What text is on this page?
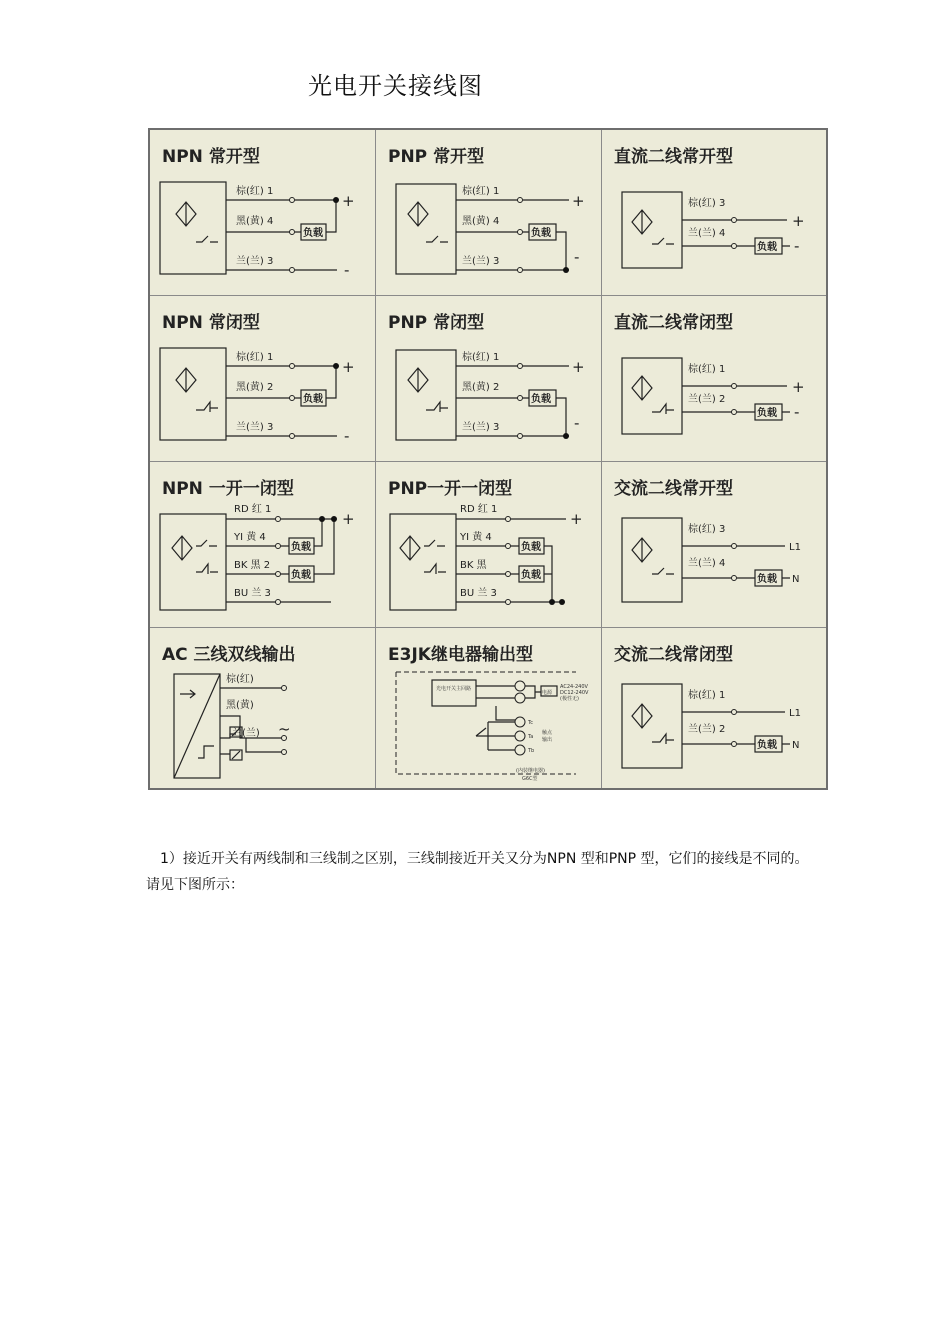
光电开关接线图
NPN 常开型
棕(红) 1
黑(黄) 4
兰(兰) 3
负载
+
-
PNP 常开型
棕(红) 1
黑(黄) 4
兰(兰) 3
负载
+
-
直流二线常开型
棕(红) 3
兰(兰) 4
负载
+
-
NPN 常闭型
棕(红) 1
黑(黄) 2
兰(兰) 3
负载
+
-
PNP 常闭型
棕(红) 1
黑(黄) 2
兰(兰) 3
负载
+
-
直流二线常闭型
棕(红) 1
兰(兰) 2
负载
+
-
NPN 一开一闭型
RD 红 1
YI 黄 4
BK 黑 2
BU 兰 3
负载
负载
+
PNP一开一闭型
RD 红 1
YI 黄 4
BK 黑
BU 兰 3
负载
负载
+
交流二线常开型
棕(红) 3
兰(兰) 4
负载
L1
N
AC 三线双线输出
棕(红)
黑(黄)
兰(兰) ~
E3JK继电器输出型
光电开关主回路
电源
AC24-240V
DC12-240V
(极性无)
Tc
Ta
Tb
触点
输出
(内装继电器)
G6C型
交流二线常闭型
棕(红) 1
兰(兰) 2
负载
L1
N
1）接近开关有两线制和三线制之区别，三线制接近开关又分为NPN 型和PNP 型，它们的接线是不同的。请见下图所示：
